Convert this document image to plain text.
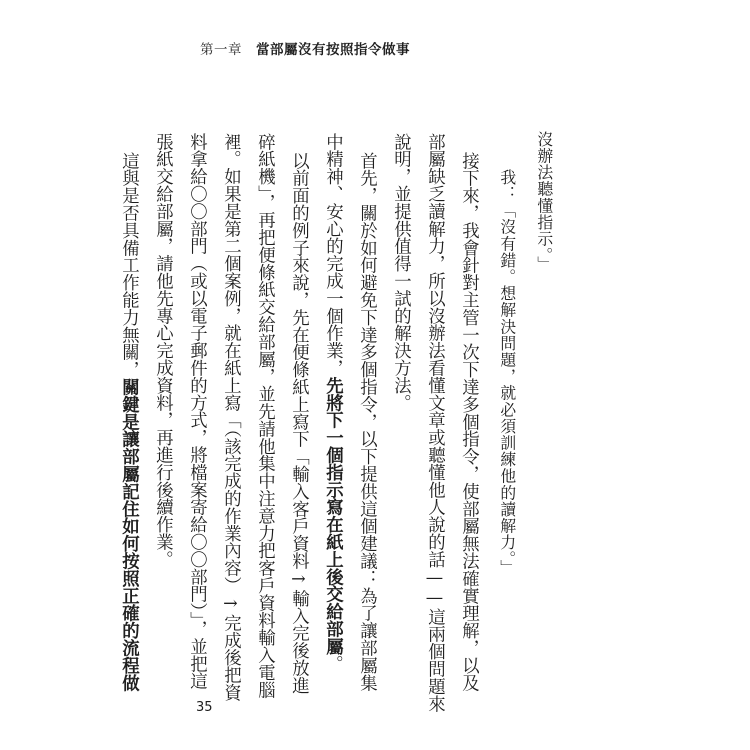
第一章 當部屬沒有按照指令做事
沒辦法聽懂指示。」
我：「沒有錯。想解決問題，就必須訓練他的讀解力。」
接下來，我會針對主管一次下達多個指令，使部屬無法確實理解，以及
部屬缺乏讀解力，所以沒辦法看懂文章或聽懂他人說的話——這兩個問題來
說明，並提供值得一試的解決方法。
首先，關於如何避免下達多個指令，以下提供這個建議：為了讓部屬集
中精神、安心的完成一個作業，先將下一個指示寫在紙上後交給部屬。
以前面的例子來說，先在便條紙上寫下「輸入客戶資料→輸入完後放進
碎紙機」，再把便條紙交給部屬，並先請他集中注意力把客戶資料輸入電腦
裡。如果是第二個案例，就在紙上寫「（該完成的作業內容）→完成後把資
料拿給〇〇部門（或以電子郵件的方式，將檔案寄給〇〇部門）」，並把這
張紙交給部屬，請他先專心完成資料，再進行後續作業。
這與是否具備工作能力無關，關鍵是讓部屬記住如何按照正確的流程做
35
